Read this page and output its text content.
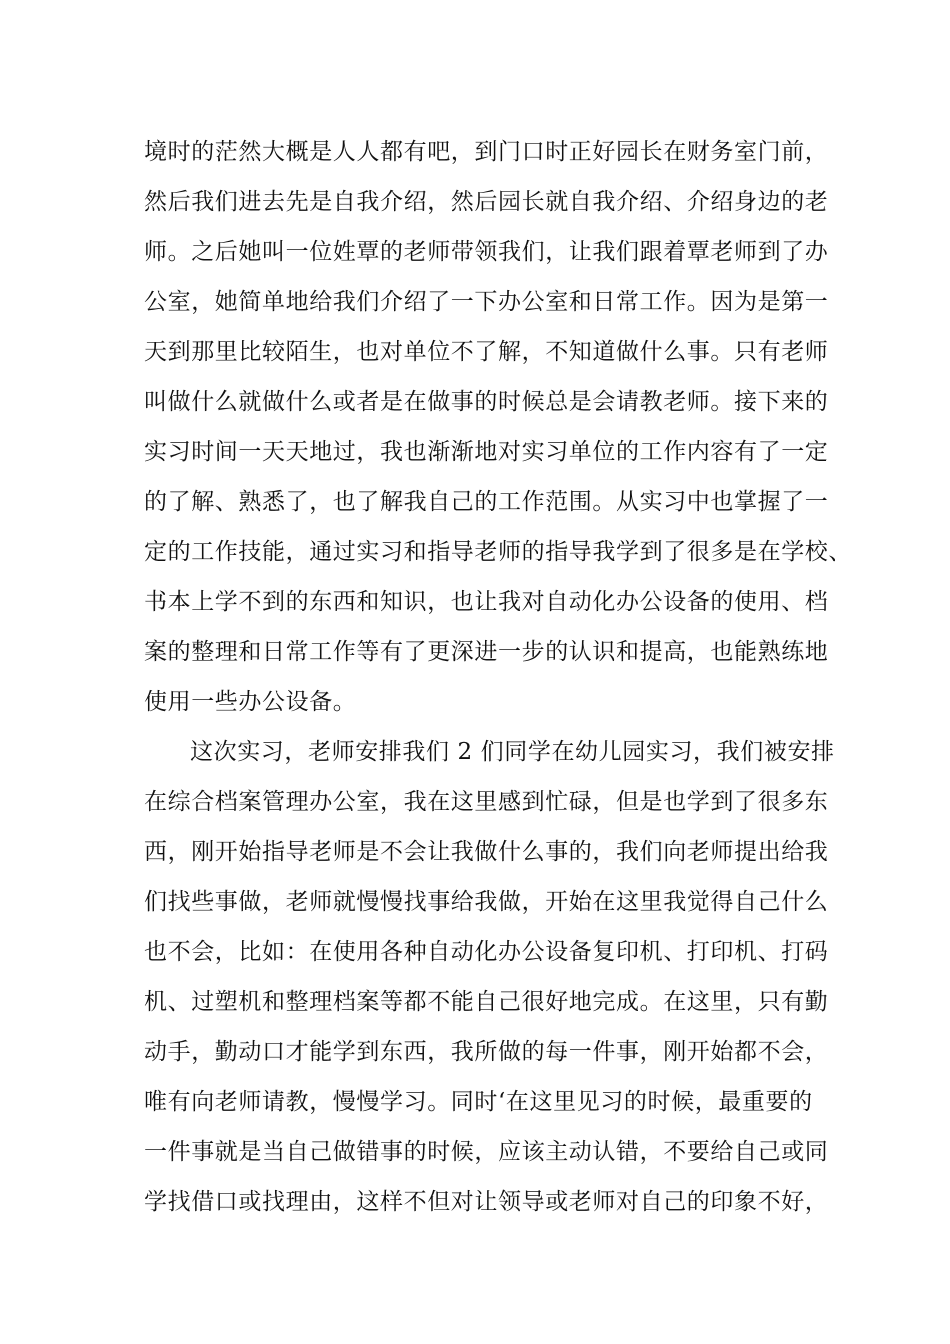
境时的茫然大概是人人都有吧，到门口时正好园长在财务室门前，
然后我们进去先是自我介绍，然后园长就自我介绍、介绍身边的老
师。之后她叫一位姓覃的老师带领我们，让我们跟着覃老师到了办
公室，她简单地给我们介绍了一下办公室和日常工作。因为是第一
天到那里比较陌生，也对单位不了解，不知道做什么事。只有老师
叫做什么就做什么或者是在做事的时候总是会请教老师。接下来的
实习时间一天天地过，我也渐渐地对实习单位的工作内容有了一定
的了解、熟悉了，也了解我自己的工作范围。从实习中也掌握了一
定的工作技能，通过实习和指导老师的指导我学到了很多是在学校、
书本上学不到的东西和知识，也让我对自动化办公设备的使用、档
案的整理和日常工作等有了更深进一步的认识和提高，也能熟练地
使用一些办公设备。
这次实习，老师安排我们 2 们同学在幼儿园实习，我们被安排
在综合档案管理办公室，我在这里感到忙碌，但是也学到了很多东
西，刚开始指导老师是不会让我做什么事的，我们向老师提出给我
们找些事做，老师就慢慢找事给我做，开始在这里我觉得自己什么
也不会，比如：在使用各种自动化办公设备复印机、打印机、打码
机、过塑机和整理档案等都不能自己很好地完成。在这里，只有勤
动手，勤动口才能学到东西，我所做的每一件事，刚开始都不会，
唯有向老师请教，慢慢学习。同时‘在这里见习的时候，最重要的
一件事就是当自己做错事的时候，应该主动认错，不要给自己或同
学找借口或找理由，这样不但对让领导或老师对自己的印象不好，
